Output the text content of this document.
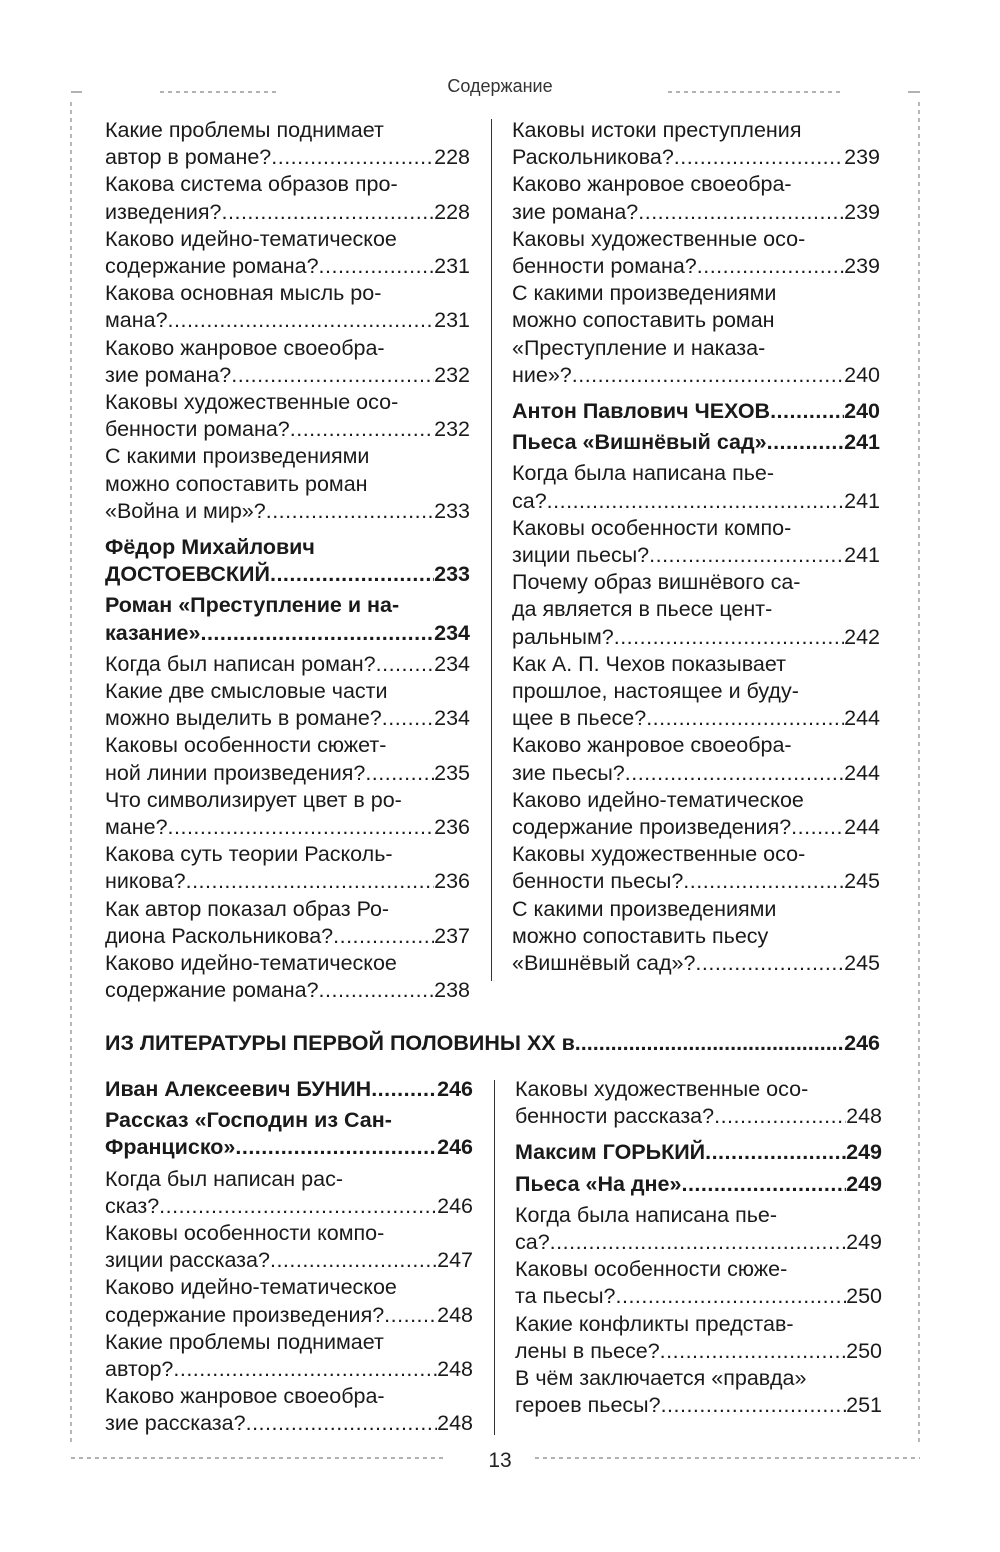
Содержание
Какие проблемы поднимает
автор в романе? .....	228
Какова система образов про-
изведения? .....	228
Каково идейно-тематическое
содержание романа? .....	231
Какова основная мысль ро-
мана? .....	231
Каково жанровое своеобра-
зие романа? .....	232
Каковы художественные осо-
бенности романа? .....	232
С какими произведениями
можно сопоставить роман
«Война и мир»? .....	233
Фёдор Михайлович
ДОСТОЕВСКИЙ .....	233
Роман «Преступление и на-
казание» .....	234
Когда был написан роман? .....	234
Какие две смысловые части
можно выделить в романе? ..... 234
Каковы особенности сюжет-
ной линии произведения? .....	235
Что символизирует цвет в ро-
мане? .....	236
Какова суть теории Расколь-
никова? .....	236
Как автор показал образ Ро-
диона Раскольникова? .....	237
Каково идейно-тематическое
содержание романа? .....	238
Каковы истоки преступления
Раскольникова? .....	239
Каково жанровое своеобра-
зие романа? .....	239
Каковы художественные осо-
бенности романа? .....	239
С какими произведениями
можно сопоставить роман
«Преступление и наказа-
ние»? .....	240
Антон Павлович ЧЕХОВ .....	240
Пьеса «Вишнёвый сад» .....	241
Когда была написана пье-
са? .....	241
Каковы особенности компо-
зиции пьесы? .....	241
Почему образ вишнёвого са-
да является в пьесе цент-
ральным? .....	242
Как А. П. Чехов показывает
прошлое, настоящее и буду-
щее в пьесе? .....	244
Каково жанровое своеобра-
зие пьесы? .....	244
Каково идейно-тематическое
содержание произведения? ..... 244
Каковы художественные осо-
бенности пьесы? .....	245
С какими произведениями
можно сопоставить пьесу
«Вишнёвый сад»? .....	245
ИЗ ЛИТЕРАТУРЫ ПЕРВОЙ ПОЛОВИНЫ XX в. .....	246
Иван Алексеевич БУНИН .....	246
Рассказ «Господин из Сан-
Франциско» .....	246
Когда был написан рас-
сказ? .....	246
Каковы особенности компо-
зиции рассказа? .....	247
Каково идейно-тематическое
содержание произведения? ..... 248
Какие проблемы поднимает
автор? .....	248
Каково жанровое своеобра-
зие рассказа? .....	248
Каковы художественные осо-
бенности рассказа? .....	248
Максим ГОРЬКИЙ .....	249
Пьеса «На дне» .....	249
Когда была написана пье-
са? .....	249
Каковы особенности сюже-
та пьесы? .....	250
Какие конфликты представ-
лены в пьесе? .....	250
В чём заключается «правда»
героев пьесы? .....	251
13
